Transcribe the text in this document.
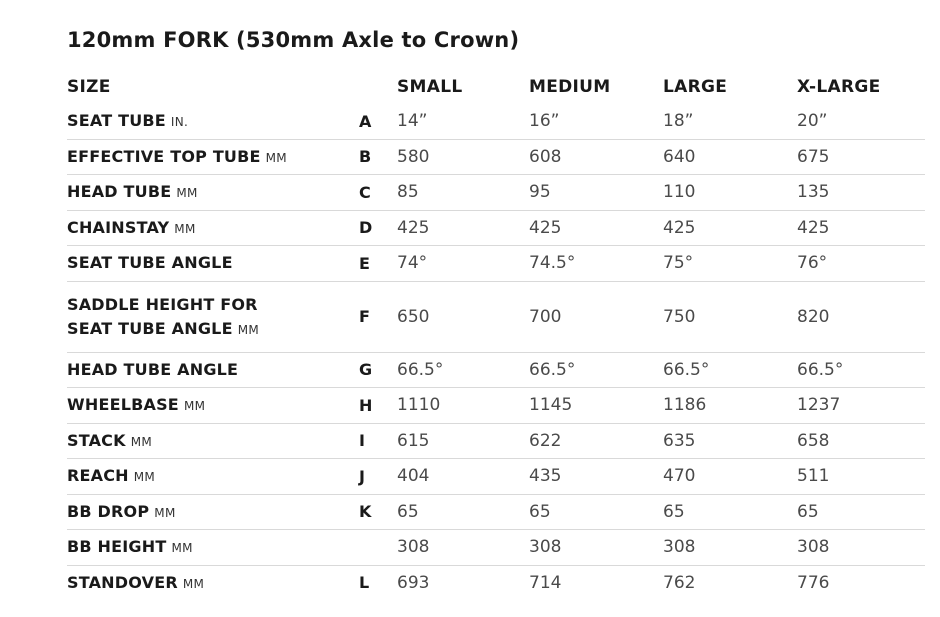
120mm FORK (530mm Axle to Crown)
SIZE		SMALL	MEDIUM	LARGE	X-LARGE
SEAT TUBE IN.	A	14”	16”	18”	20”
EFFECTIVE TOP TUBE MM	B	580	608	640	675
HEAD TUBE MM	C	85	95	110	135
CHAINSTAY MM	D	425	425	425	425
SEAT TUBE ANGLE	E	74°	74.5°	75°	76°

SADDLE HEIGHT FOR
SEAT TUBE ANGLE MM	F	650	700	750	820
HEAD TUBE ANGLE	G	66.5°	66.5°	66.5°	66.5°
WHEELBASE MM	H	1110	1145	1186	1237
STACK MM	I	615	622	635	658
REACH MM	J	404	435	470	511
BB DROP MM	K	65	65	65	65
BB HEIGHT MM		308	308	308	308
STANDOVER MM	L	693	714	762	776
